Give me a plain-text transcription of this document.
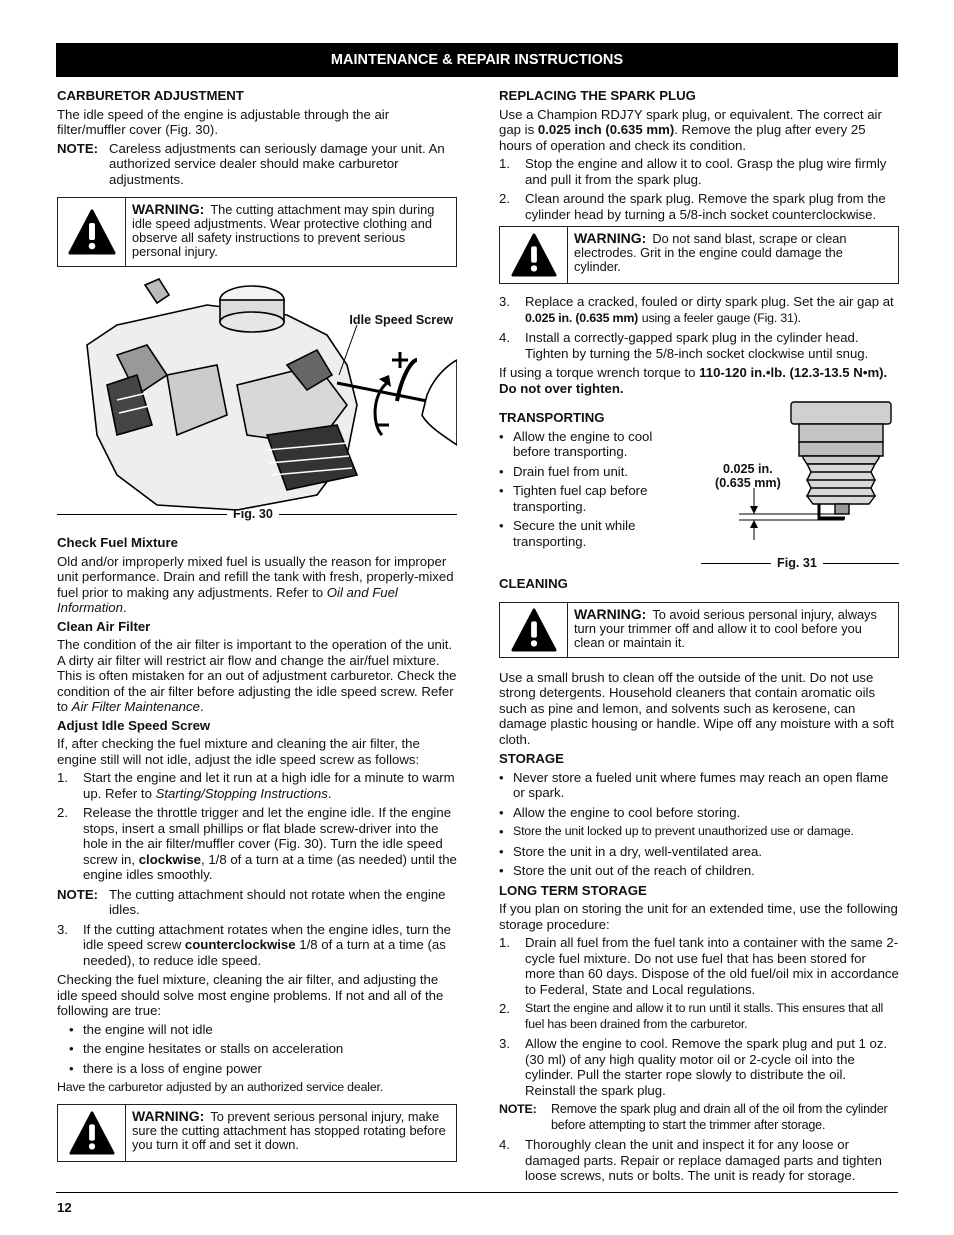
MAINTENANCE & REPAIR INSTRUCTIONS
CARBURETOR ADJUSTMENT

The idle speed of the engine is adjustable through the air filter/muffler cover (Fig. 30).

NOTE: Careless adjustments can seriously damage your unit. An authorized service dealer should make carburetor adjustments.
WARNING: The cutting attachment may spin during idle speed adjustments. Wear protective clothing and observe all safety instructions to prevent serious personal injury.
Idle Speed Screw
Fig. 30
Check Fuel Mixture

Old and/or improperly mixed fuel is usually the reason for improper unit performance. Drain and refill the tank with fresh, properly-mixed fuel prior to making any adjustments. Refer to Oil and Fuel Information.

Clean Air Filter

The condition of the air filter is important to the operation of the unit. A dirty air filter will restrict air flow and change the air/fuel mixture. This is often mistaken for an out of adjustment carburetor. Check the condition of the air filter before adjusting the idle speed screw. Refer to Air Filter Maintenance.

Adjust Idle Speed Screw

If, after checking the fuel mixture and cleaning the air filter, the engine still will not idle, adjust the idle speed screw as follows:

1.	Start the engine and let it run at a high idle for a minute to warm up. Refer to Starting/Stopping Instructions.
2.	Release the throttle trigger and let the engine idle. If the engine stops, insert a small phillips or flat blade screw-driver into the hole in the air filter/muffler cover (Fig. 30). Turn the idle speed screw in, clockwise, 1/8 of a turn at a time (as needed) until the engine idles smoothly.
NOTE: The cutting attachment should not rotate when the engine idles.
3.	If the cutting attachment rotates when the engine idles, turn the idle speed screw counterclockwise 1/8 of a turn at a time (as needed), to reduce idle speed.

Checking the fuel mixture, cleaning the air filter, and adjusting the idle speed should solve most engine problems. If not and all of the following are true:

• the engine will not idle
• the engine hesitates or stalls on acceleration
• there is a loss of engine power

Have the carburetor adjusted by an authorized service dealer.

WARNING: To prevent serious personal injury, make sure the cutting attachment has stopped rotating before you turn it off and set it down.
REPLACING THE SPARK PLUG

Use a Champion RDJ7Y spark plug, or equivalent. The correct air gap is 0.025 inch (0.635 mm). Remove the plug after every 25 hours of operation and check its condition.

1.	Stop the engine and allow it to cool. Grasp the plug wire firmly and pull it from the spark plug.
2.	Clean around the spark plug. Remove the spark plug from the cylinder head by turning a 5/8-inch socket counterclockwise.
WARNING: Do not sand blast, scrape or clean electrodes. Grit in the engine could damage the cylinder.
3.	Replace a cracked, fouled or dirty spark plug. Set the air gap at 0.025 in. (0.635 mm) using a feeler gauge (Fig. 31).
4.	Install a correctly-gapped spark plug in the cylinder head. Tighten by turning the 5/8-inch socket clockwise until snug.

If using a torque wrench torque to 110-120 in.•lb. (12.3-13.5 N•m). Do not over tighten.

TRANSPORTING
• Allow the engine to cool before transporting.
• Drain fuel from unit.
• Tighten fuel cap before transporting.
• Secure the unit while transporting.
0.025 in.
(0.635 mm)
Fig. 31
CLEANING
WARNING: To avoid serious personal injury, always turn your trimmer off and allow it to cool before you clean or maintain it.

Use a small brush to clean off the outside of the unit. Do not use strong detergents. Household cleaners that contain aromatic oils such as pine and lemon, and solvents such as kerosene, can damage plastic housing or handle. Wipe off any moisture with a soft cloth.

STORAGE
• Never store a fueled unit where fumes may reach an open flame or spark.
• Allow the engine to cool before storing.
• Store the unit locked up to prevent unauthorized use or damage.
• Store the unit in a dry, well-ventilated area.
• Store the unit out of the reach of children.
LONG TERM STORAGE

If you plan on storing the unit for an extended time, use the following storage procedure:

1.	Drain all fuel from the fuel tank into a container with the same 2-cycle fuel mixture. Do not use fuel that has been stored for more than 60 days. Dispose of the old fuel/oil mix in accordance to Federal, State and Local regulations.
2.	Start the engine and allow it to run until it stalls. This ensures that all fuel has been drained from the carburetor.
3.	Allow the engine to cool. Remove the spark plug and put 1 oz. (30 ml) of any high quality motor oil or 2-cycle oil into the cylinder. Pull the starter rope slowly to distribute the oil. Reinstall the spark plug.
NOTE:	Remove the spark plug and drain all of the oil from the cylinder before attempting to start the trimmer after storage.
4.	Thoroughly clean the unit and inspect it for any loose or damaged parts. Repair or replace damaged parts and tighten loose screws, nuts or bolts. The unit is ready for storage.
12
